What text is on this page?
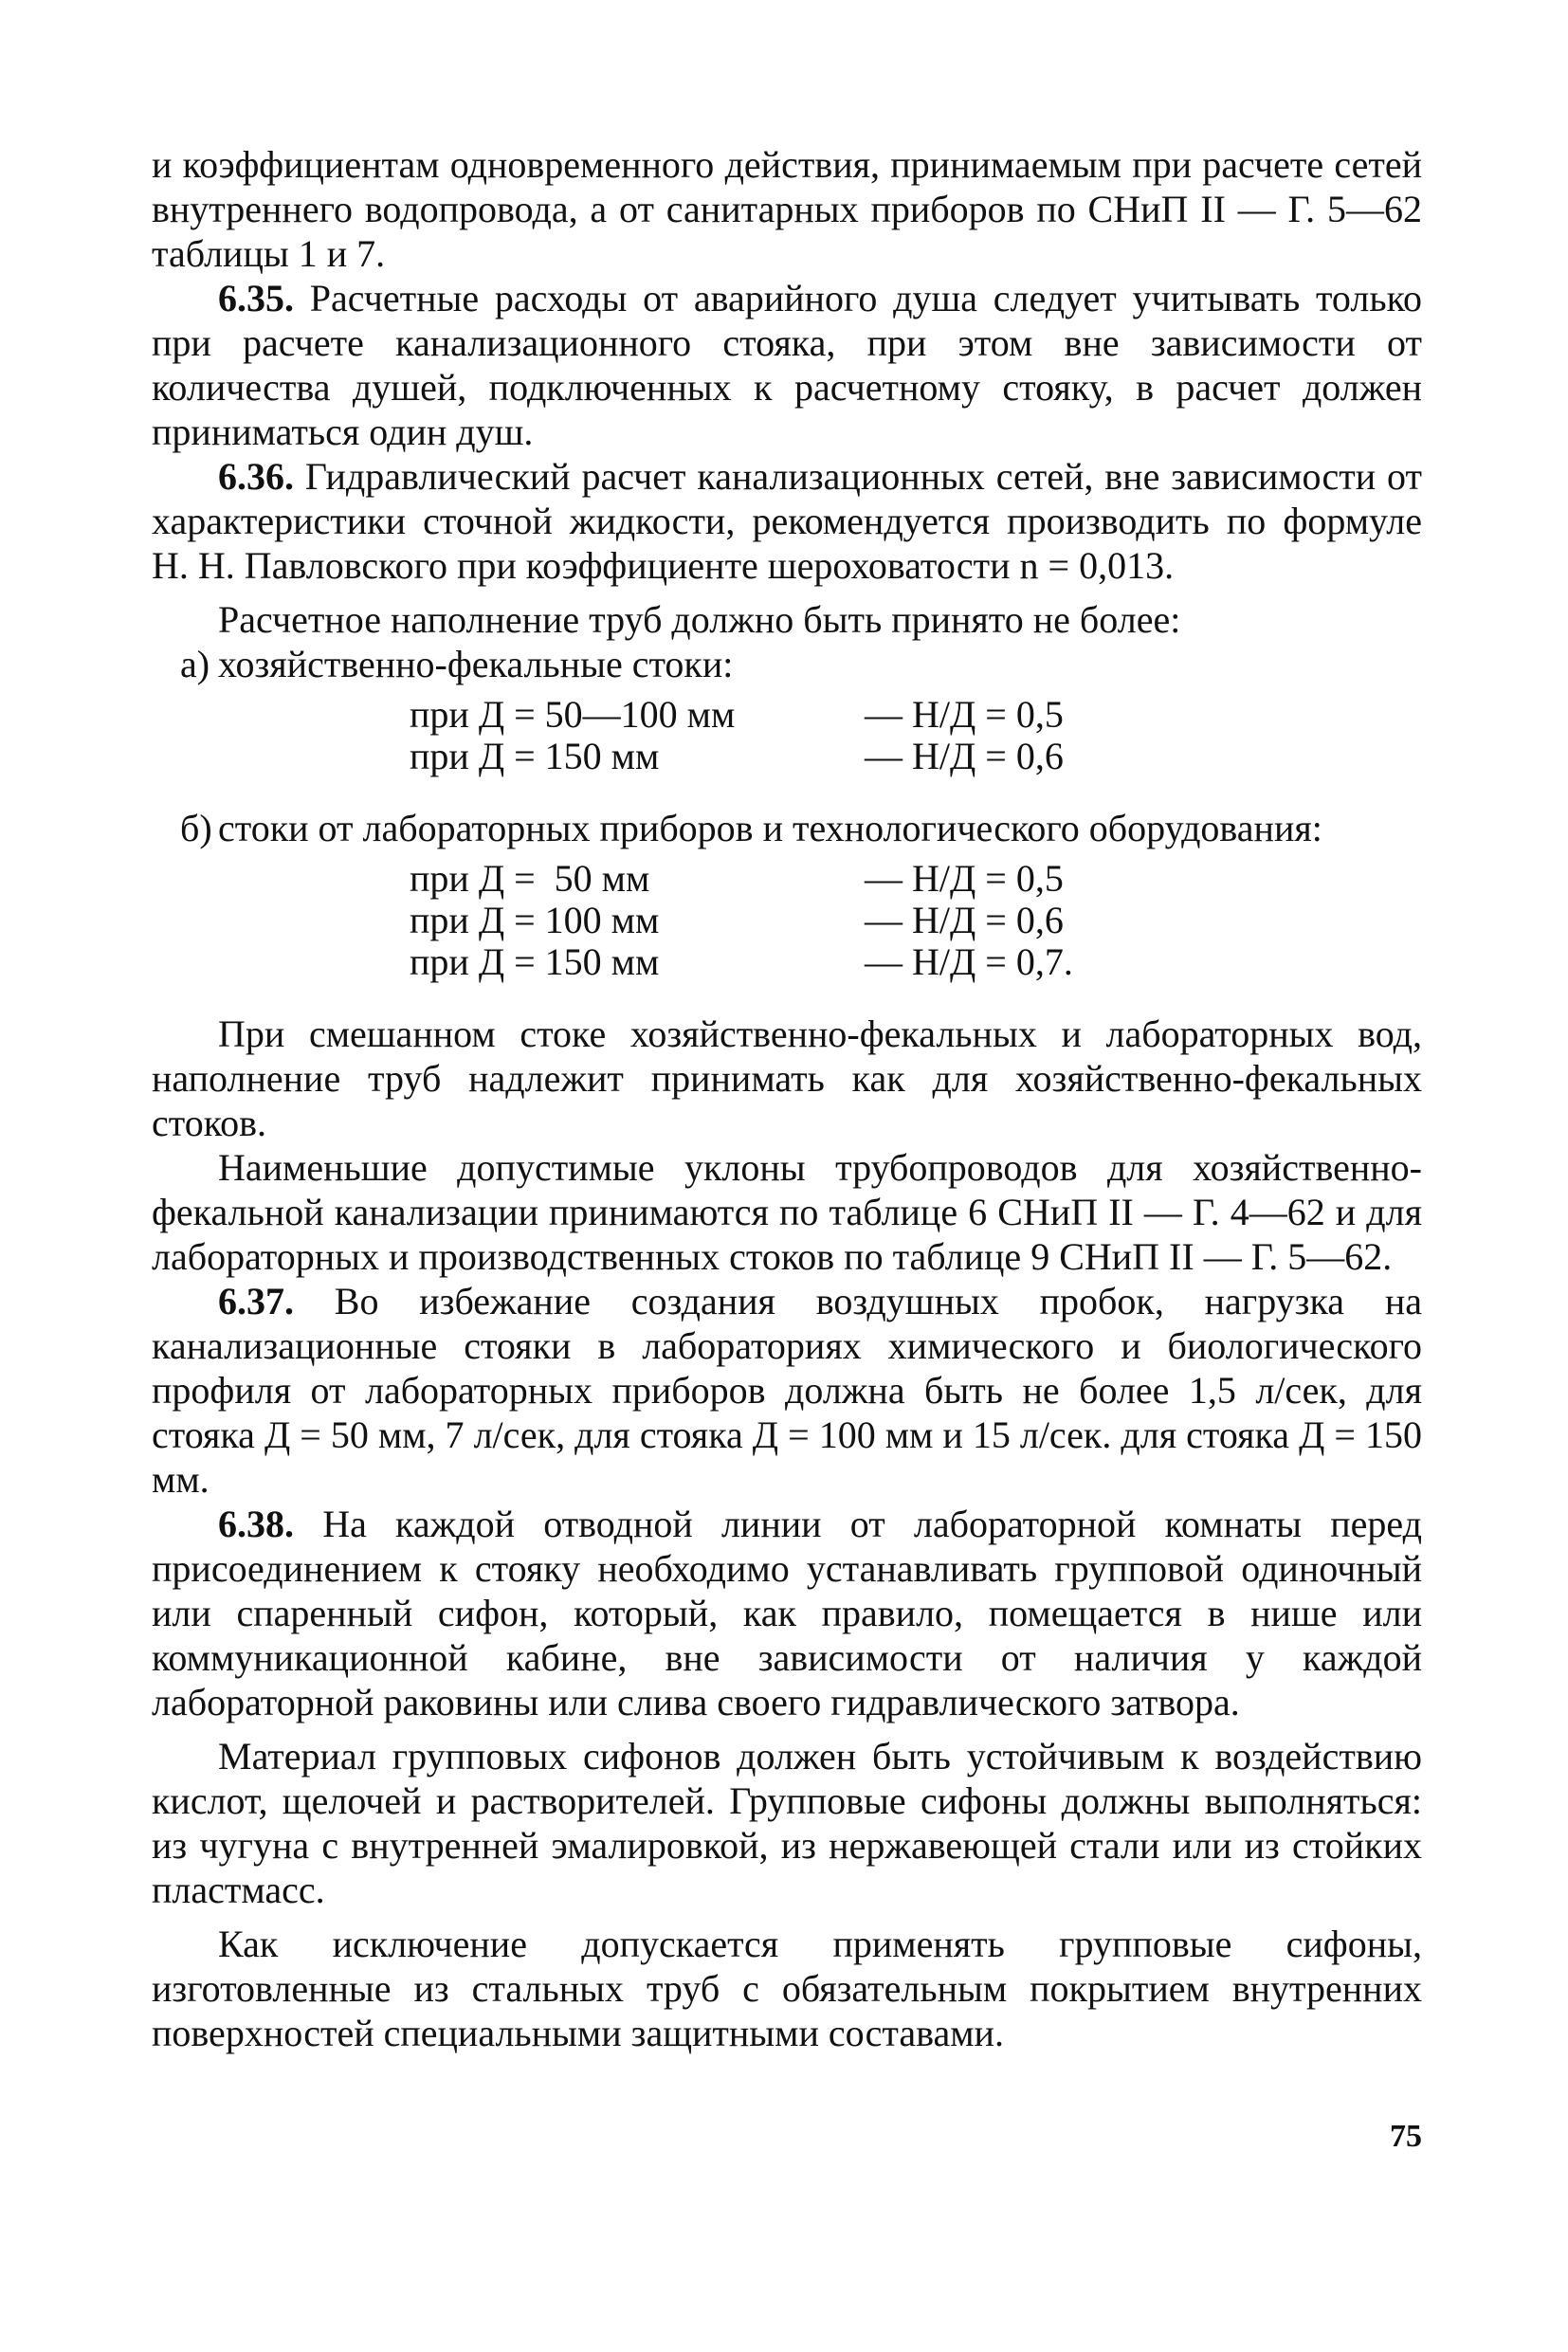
и коэффициентам одновременного действия, принимаемым при расчете сетей внутреннего водопровода, а от санитарных приборов по СНиП II — Г. 5—62 таблицы 1 и 7.

6.35. Расчетные расходы от аварийного душа следует учитывать только при расчете канализационного стояка, при этом вне зависимости от количества душей, подключенных к расчетному стояку, в расчет должен приниматься один душ.

6.36. Гидравлический расчет канализационных сетей, вне зависимости от характеристики сточной жидкости, рекомендуется производить по формуле Н. Н. Павловского при коэффициенте шероховатости n = 0,013.

Расчетное наполнение труб должно быть принято не более:

а) хозяйственно-фекальные стоки:

при Д = 50—100 мм	— Н/Д = 0,5
при Д = 150 мм	— Н/Д = 0,6

б) стоки от лабораторных приборов и технологического оборудования:

при Д =  50 мм	— Н/Д = 0,5
при Д = 100 мм	— Н/Д = 0,6
при Д = 150 мм	— Н/Д = 0,7.

При смешанном стоке хозяйственно-фекальных и лабораторных вод, наполнение труб надлежит принимать как для хозяйственно-фекальных стоков.

Наименьшие допустимые уклоны трубопроводов для хозяйственно-фекальной канализации принимаются по таблице 6 СНиП II — Г. 4—62 и для лабораторных и производственных стоков по таблице 9 СНиП II — Г. 5—62.

6.37. Во избежание создания воздушных пробок, нагрузка на канализационные стояки в лабораториях химического и биологического профиля от лабораторных приборов должна быть не более 1,5 л/сек, для стояка Д = 50 мм, 7 л/сек, для стояка Д = 100 мм и 15 л/сек. для стояка Д = 150 мм.

6.38. На каждой отводной линии от лабораторной комнаты перед присоединением к стояку необходимо устанавливать групповой одиночный или спаренный сифон, который, как правило, помещается в нише или коммуникационной кабине, вне зависимости от наличия у каждой лабораторной раковины или слива своего гидравлического затвора.

Материал групповых сифонов должен быть устойчивым к воздействию кислот, щелочей и растворителей. Групповые сифоны должны выполняться: из чугуна с внутренней эмалировкой, из нержавеющей стали или из стойких пластмасс.

Как исключение допускается применять групповые сифоны, изготовленные из стальных труб с обязательным покрытием внутренних поверхностей специальными защитными составами.

75
